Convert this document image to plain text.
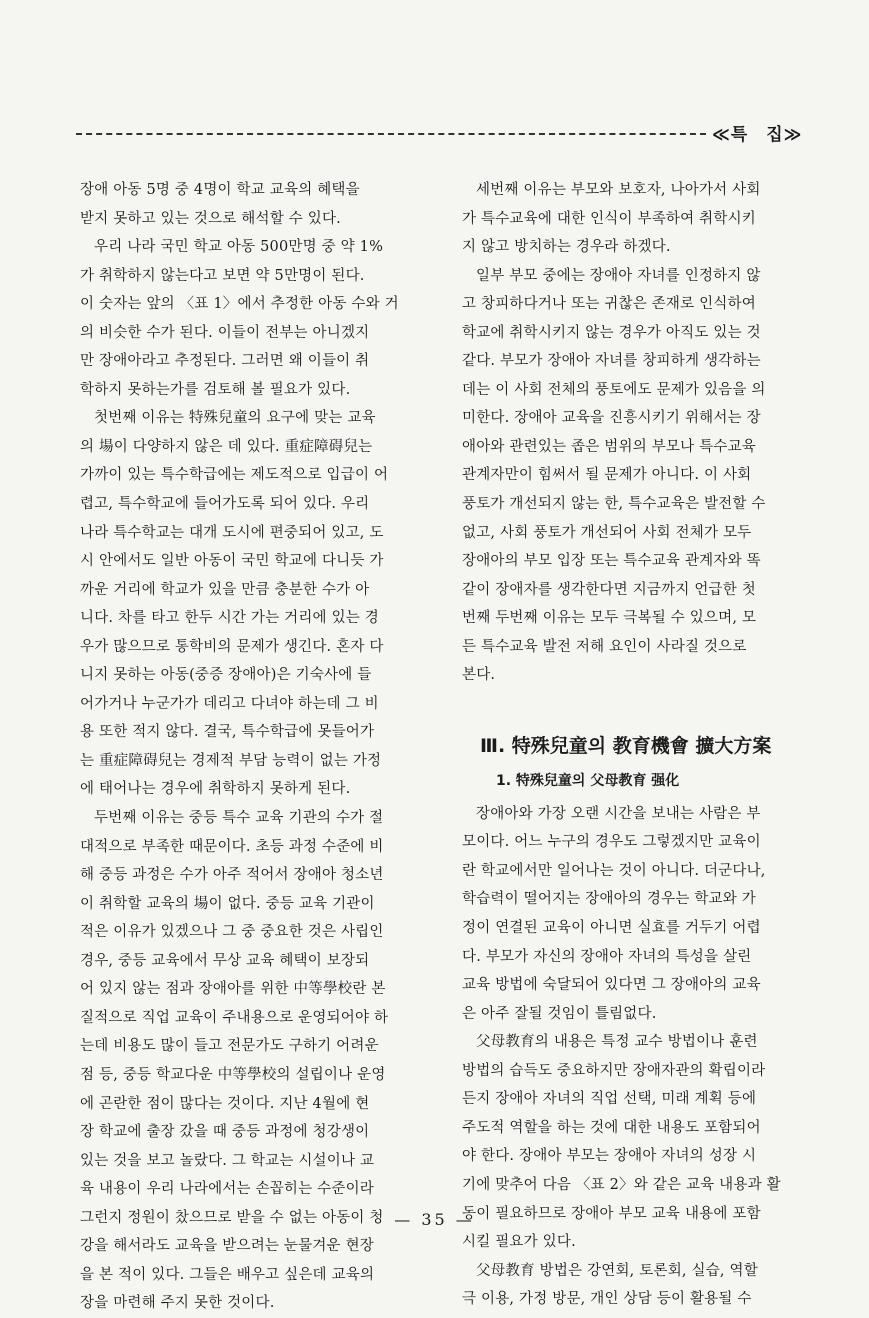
≪특　집≫
장애 아동 5명 중 4명이 학교 교육의 혜택을
받지 못하고 있는 것으로 해석할 수 있다.
우리 나라 국민 학교 아동 500만명 중 약 1%
가 취학하지 않는다고 보면 약 5만명이 된다.
이 숫자는 앞의 〈표 1〉에서 추정한 아동 수와 거
의 비슷한 수가 된다. 이들이 전부는 아니겠지
만 장애아라고 추정된다. 그러면 왜 이들이 취
학하지 못하는가를 검토해 볼 필요가 있다.
첫번째 이유는 特殊兒童의 요구에 맞는 교육
의 場이 다양하지 않은 데 있다. 重症障碍兒는
가까이 있는 특수학급에는 제도적으로 입급이 어
렵고, 특수학교에 들어가도록 되어 있다. 우리
나라 특수학교는 대개 도시에 편중되어 있고, 도
시 안에서도 일반 아동이 국민 학교에 다니듯 가
까운 거리에 학교가 있을 만큼 충분한 수가 아
니다. 차를 타고 한두 시간 가는 거리에 있는 경
우가 많으므로 통학비의 문제가 생긴다. 혼자 다
니지 못하는 아동(중증 장애아)은 기숙사에 들
어가거나 누군가가 데리고 다녀야 하는데 그 비
용 또한 적지 않다. 결국, 특수학급에 못들어가
는 重症障碍兒는 경제적 부담 능력이 없는 가정
에 태어나는 경우에 취학하지 못하게 된다.
두번째 이유는 중등 특수 교육 기관의 수가 절
대적으로 부족한 때문이다. 초등 과정 수준에 비
해 중등 과정은 수가 아주 적어서 장애아 청소년
이 취학할 교육의 場이 없다. 중등 교육 기관이
적은 이유가 있겠으나 그 중 중요한 것은 사립인
경우, 중등 교육에서 무상 교육 혜택이 보장되
어 있지 않는 점과 장애아를 위한 中等學校란 본
질적으로 직업 교육이 주내용으로 운영되어야 하
는데 비용도 많이 들고 전문가도 구하기 어려운
점 등, 중등 학교다운 中等學校의 설립이나 운영
에 곤란한 점이 많다는 것이다. 지난 4월에 현
장 학교에 출장 갔을 때 중등 과정에 청강생이
있는 것을 보고 놀랐다. 그 학교는 시설이나 교
육 내용이 우리 나라에서는 손꼽히는 수준이라
그런지 정원이 찼으므로 받을 수 없는 아동이 청
강을 해서라도 교육을 받으려는 눈물겨운 현장
을 본 적이 있다. 그들은 배우고 싶은데 교육의
장을 마련해 주지 못한 것이다.
세번째 이유는 부모와 보호자, 나아가서 사회
가 특수교육에 대한 인식이 부족하여 취학시키
지 않고 방치하는 경우라 하겠다.
일부 부모 중에는 장애아 자녀를 인정하지 않
고 창피하다거나 또는 귀찮은 존재로 인식하여
학교에 취학시키지 않는 경우가 아직도 있는 것
같다. 부모가 장애아 자녀를 창피하게 생각하는
데는 이 사회 전체의 풍토에도 문제가 있음을 의
미한다. 장애아 교육을 진흥시키기 위해서는 장
애아와 관련있는 좁은 범위의 부모나 특수교육
관계자만이 힘써서 될 문제가 아니다. 이 사회
풍토가 개선되지 않는 한, 특수교육은 발전할 수
없고, 사회 풍토가 개선되어 사회 전체가 모두
장애아의 부모 입장 또는 특수교육 관계자와 똑
같이 장애자를 생각한다면 지금까지 언급한 첫
번째 두번째 이유는 모두 극복될 수 있으며, 모
든 특수교육 발전 저해 요인이 사라질 것으로
본다.
Ⅲ. 特殊兒童의 教育機會 擴大方案
1. 特殊兒童의 父母教育 强化
장애아와 가장 오랜 시간을 보내는 사람은 부
모이다. 어느 누구의 경우도 그렇겠지만 교육이
란 학교에서만 일어나는 것이 아니다. 더군다나,
학습력이 떨어지는 장애아의 경우는 학교와 가
정이 연결된 교육이 아니면 실효를 거두기 어렵
다. 부모가 자신의 장애아 자녀의 특성을 살린
교육 방법에 숙달되어 있다면 그 장애아의 교육
은 아주 잘될 것임이 틀림없다.
父母教育의 내용은 특정 교수 방법이나 훈련
방법의 습득도 중요하지만 장애자관의 확립이라
든지 장애아 자녀의 직업 선택, 미래 계획 등에
주도적 역할을 하는 것에 대한 내용도 포함되어
야 한다. 장애아 부모는 장애아 자녀의 성장 시
기에 맞추어 다음 〈표 2〉와 같은 교육 내용과 활
동이 필요하므로 장애아 부모 교육 내용에 포함
시킬 필요가 있다.
父母教育 방법은 강연회, 토론회, 실습, 역할
극 이용, 가정 방문, 개인 상담 등이 활용될 수
— 35 —
